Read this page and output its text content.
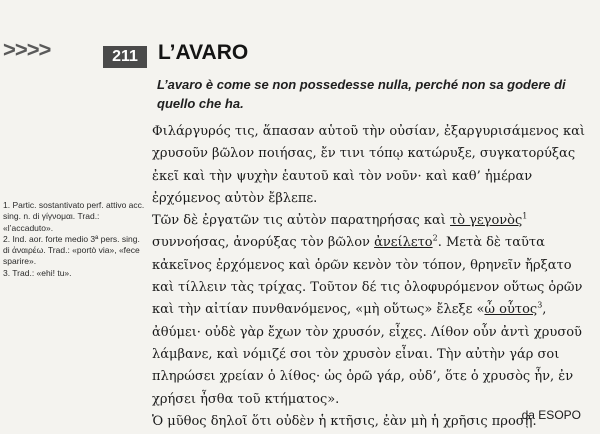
>>>>	211 L’AVARO
L’avaro è come se non possedesse nulla, perché non sa godere di quello che ha.

Φιλάργυρός τις, ἅπασαν αὑτοῦ τὴν οὐσίαν, ἐξαργυρισάμενος καὶ χρυσοῦν βῶλον ποιήσας, ἔν τινι τόπῳ κατώρυξε, συγκατορύξας ἐκεῖ καὶ τὴν ψυχὴν ἑαυτοῦ καὶ τὸν νοῦν· καὶ καθ’ ἡμέραν ἐρχόμενος αὐτὸν ἔβλεπε.

Τῶν δὲ ἐργατῶν τις αὐτὸν παρατηρήσας καὶ τὸ γεγονὸς$^1$ συννοήσας, ἀνορύξας τὸν βῶλον ἀνείλετο$^2$. Μετὰ δὲ ταῦτα κἀκεῖνος ἐρχόμενος καὶ ὁρῶν κενὸν τὸν τόπον, θρηνεῖν ἤρξατο καὶ τίλλειν τὰς τρίχας. Τοῦτον δέ τις ὀλοφυρόμενον οὕτως ὁρῶν καὶ τὴν αἰτίαν πυνθανόμενος, «μὴ οὕτως» ἔλεξε «ὦ οὗτος$^3$, ἀθύμει· οὐδὲ γὰρ ἔχων τὸν χρυσόν, εἶχες. Λίθον οὖν ἀντὶ χρυσοῦ λάμβανε, καὶ νόμιζέ σοι τὸν χρυσὸν εἶναι. Τὴν αὐτὴν γάρ σοι πληρώσει χρείαν ὁ λίθος· ὡς ὁρῶ γάρ, οὐδ’, ὅτε ὁ χρυσὸς ἦν, ἐν χρήσει ἦσθα τοῦ κτήματος».

Ὁ μῦθος δηλοῖ ὅτι οὐδὲν ἡ κτῆσις, ἐὰν μὴ ἡ χρῆσις προσῇ.

1. Partic. sostantivato perf. attivo acc. sing. n. di γίγνομαι. Trad.: «l’accaduto».
2. Ind. aor. forte medio 3ª pers. sing. di ἀναιρέω. Trad.: «portò via», «fece sparire».
3. Trad.: «ehi! tu».
da ESOPO
